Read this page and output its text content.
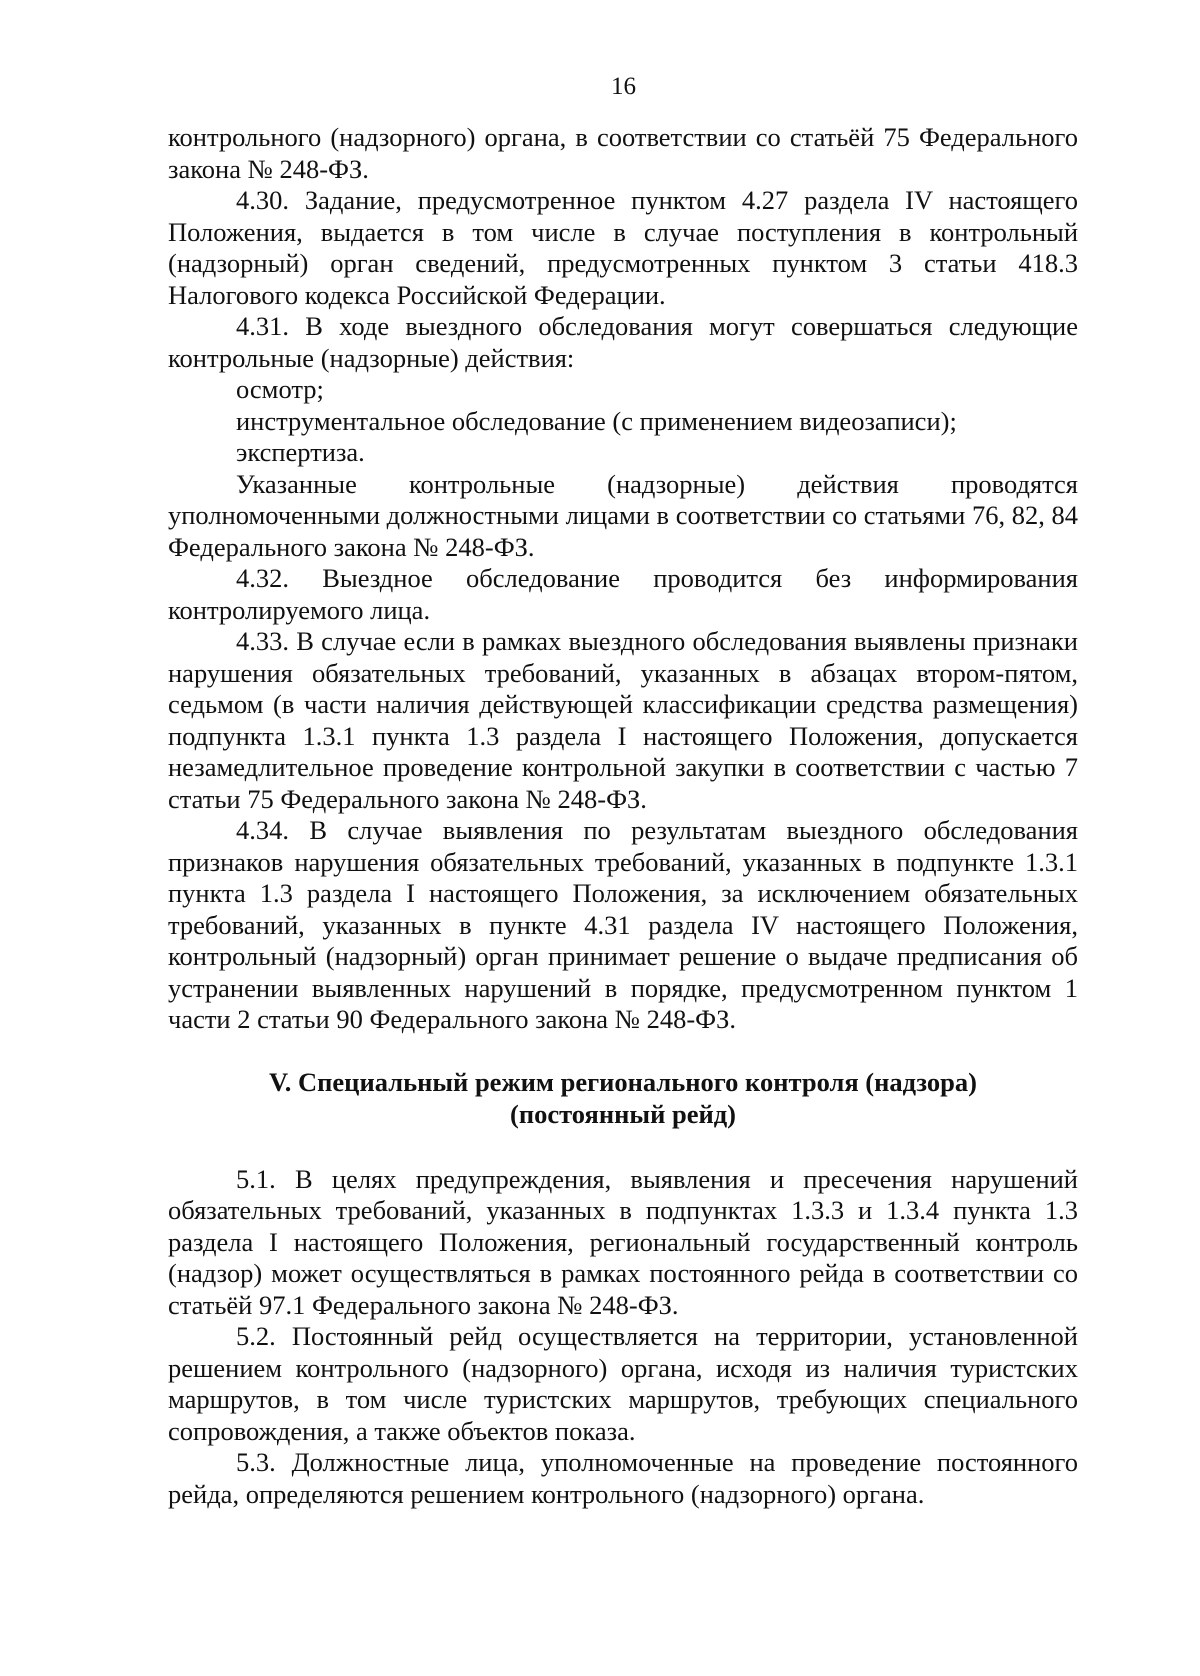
16

контрольного (надзорного) органа, в соответствии со статьёй 75 Федерального закона № 248-ФЗ.

4.30. Задание, предусмотренное пунктом 4.27 раздела IV настоящего Положения, выдается в том числе в случае поступления в контрольный (надзорный) орган сведений, предусмотренных пунктом 3 статьи 418.3 Налогового кодекса Российской Федерации.

4.31. В ходе выездного обследования могут совершаться следующие контрольные (надзорные) действия:

осмотр;

инструментальное обследование (с применением видеозаписи);

экспертиза.

Указанные контрольные (надзорные) действия проводятся уполномоченными должностными лицами в соответствии со статьями 76, 82, 84 Федерального закона № 248-ФЗ.

4.32. Выездное обследование проводится без информирования контролируемого лица.

4.33. В случае если в рамках выездного обследования выявлены признаки нарушения обязательных требований, указанных в абзацах втором-пятом, седьмом (в части наличия действующей классификации средства размещения) подпункта 1.3.1 пункта 1.3 раздела I настоящего Положения, допускается незамедлительное проведение контрольной закупки в соответствии с частью 7 статьи 75 Федерального закона № 248-ФЗ.

4.34. В случае выявления по результатам выездного обследования признаков нарушения обязательных требований, указанных в подпункте 1.3.1 пункта 1.3 раздела I настоящего Положения, за исключением обязательных требований, указанных в пункте 4.31 раздела IV настоящего Положения, контрольный (надзорный) орган принимает решение о выдаче предписания об устранении выявленных нарушений в порядке, предусмотренном пунктом 1 части 2 статьи 90 Федерального закона № 248-ФЗ.

V. Специальный режим регионального контроля (надзора)
(постоянный рейд)

5.1. В целях предупреждения, выявления и пресечения нарушений обязательных требований, указанных в подпунктах 1.3.3 и 1.3.4 пункта 1.3 раздела I настоящего Положения, региональный государственный контроль (надзор) может осуществляться в рамках постоянного рейда в соответствии со статьёй 97.1 Федерального закона № 248-ФЗ.

5.2. Постоянный рейд осуществляется на территории, установленной решением контрольного (надзорного) органа, исходя из наличия туристских маршрутов, в том числе туристских маршрутов, требующих специального сопровождения, а также объектов показа.

5.3. Должностные лица, уполномоченные на проведение постоянного рейда, определяются решением контрольного (надзорного) органа.
